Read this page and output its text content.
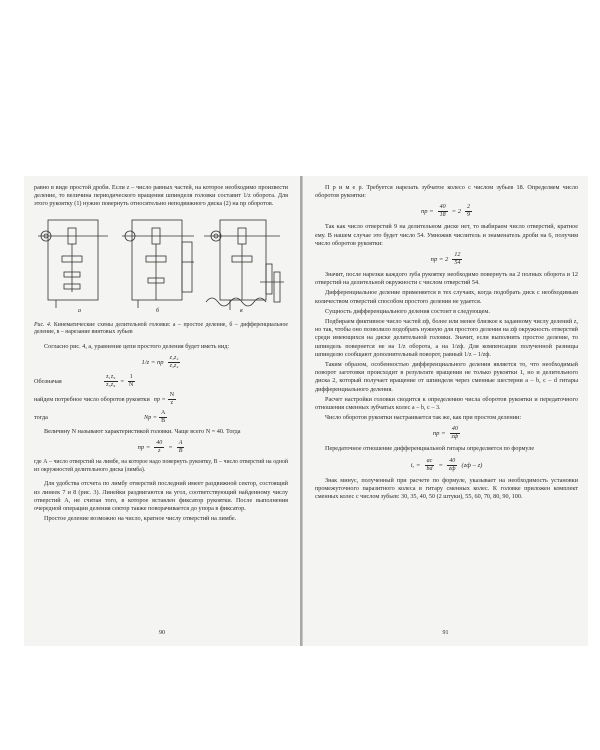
равно в виде простой дроби. Если z – число равных частей, на которое необходимо произвести деление, то величина периодического вращения шпинделя головки составит 1/z оборота. Для этого рукоятку (1) нужно повернуть относительно неподвижного диска (2) на np оборотов.

a	б	в
Рис. 4. Кинематические схемы делительной головки: а – простое деление, б – дифференциальное деление, в – нарезание винтовых зубьев

Согласно рис. 4, а, уравнение цепи простого деления будет иметь вид:

1/z = np $\frac{\text{z₁z₂}}{\text{z₃z₄}}$
Обозначая	$\frac{\text{z₁z₂}}{\text{z₃z₄}} = \frac{1}{N}$
найдем потребное число оборотов рукоятки np = $\frac{N}{z}$
тогда	$Np = \frac{A}{B}$

Величину N называют характеристикой головки. Чаще всего N = 40. Тогда

np = $\frac{40}{z} = \frac{A}{B}$

где А – число отверстий на лимбе, на которое надо повернуть рукоятку, В – число отверстий на одной из окружностей делительного диска (лимба).

Для удобства отсчета по лимбу отверстий последний имеет раздвижной сектор, состоящий из линеек 7 и 8 (рис. 3). Линейки раздвигаются на угол, соответствующий найденному числу отверстий А, не считая того, в которое вставлен фиксатор рукоятки. После выполнения очередной операции деления сектор также поворачивается до упора в фиксатор.

Простое деление возможно на число, кратное числу отверстий на лимбе.

90

П р и м е р. Требуется нарезать зубчатое колесо с числом зубьев 18. Определяем число оборотов рукоятки:

np = $\frac{40}{18} = 2 \frac{2}{9}$

Так как число отверстий 9 на делительном диске нет, то выбираем число отверстий, кратное ему. В нашем случае это будет число 54. Умножив числитель и знаменатель дроби на 6, получим число оборотов рукоятки:

np = $2 \frac{12}{54}$

Значит, после нарезки каждого зуба рукоятку необходимо повернуть на 2 полных оборота и 12 отверстий на делительной окружности с числом отверстий 54.

Дифференциальное деление применяется в тех случаях, когда подобрать диск с необходимым количеством отверстий способом простого деления не удается.

Сущность дифференциального деления состоит в следующем.

Подбираем фиктивное число частей zф, более или менее близкое к заданному числу делений z, но так, чтобы оно позволило подобрать нужную для простого деления на zф окружность отверстий среди имеющихся на диске делительной головки. Значит, если выполнить простое деление, то шпиндель повернется не на 1/z оборота, а на 1/zф. Для компенсации полученной разницы шпинделю сообщают дополнительный поворот, равный 1/z – 1/zф.

Таким образом, особенностью дифференциального деления является то, что необходимый поворот заготовки происходит в результате вращения не только рукоятки 1, но и делительного диска 2, который получает вращение от шпинделя через сменные шестерни a – b, c – d гитары дифференциального деления.

Расчет настройки головки сводится к определению числа оборотов рукоятки и передаточного отношения сменных зубчатых колес a – b, c – 3.

Число оборотов рукоятки настраивается так же, как при простом делении:

np = $\frac{40}{zф}$

Передаточное отношение дифференциальной гитары определяется по формуле

$i_x = \frac{ac}{bd} = \frac{40}{zф} (zф - z)$

Знак минус, полученный при расчете по формуле, указывает на необходимость установки промежуточного паразитного колеса в гитару сменных колес. К головке приложен комплект сменных колес с числом зубьев: 30, 35, 40, 50 (2 штуки), 55, 60, 70, 80, 90, 100.

91
